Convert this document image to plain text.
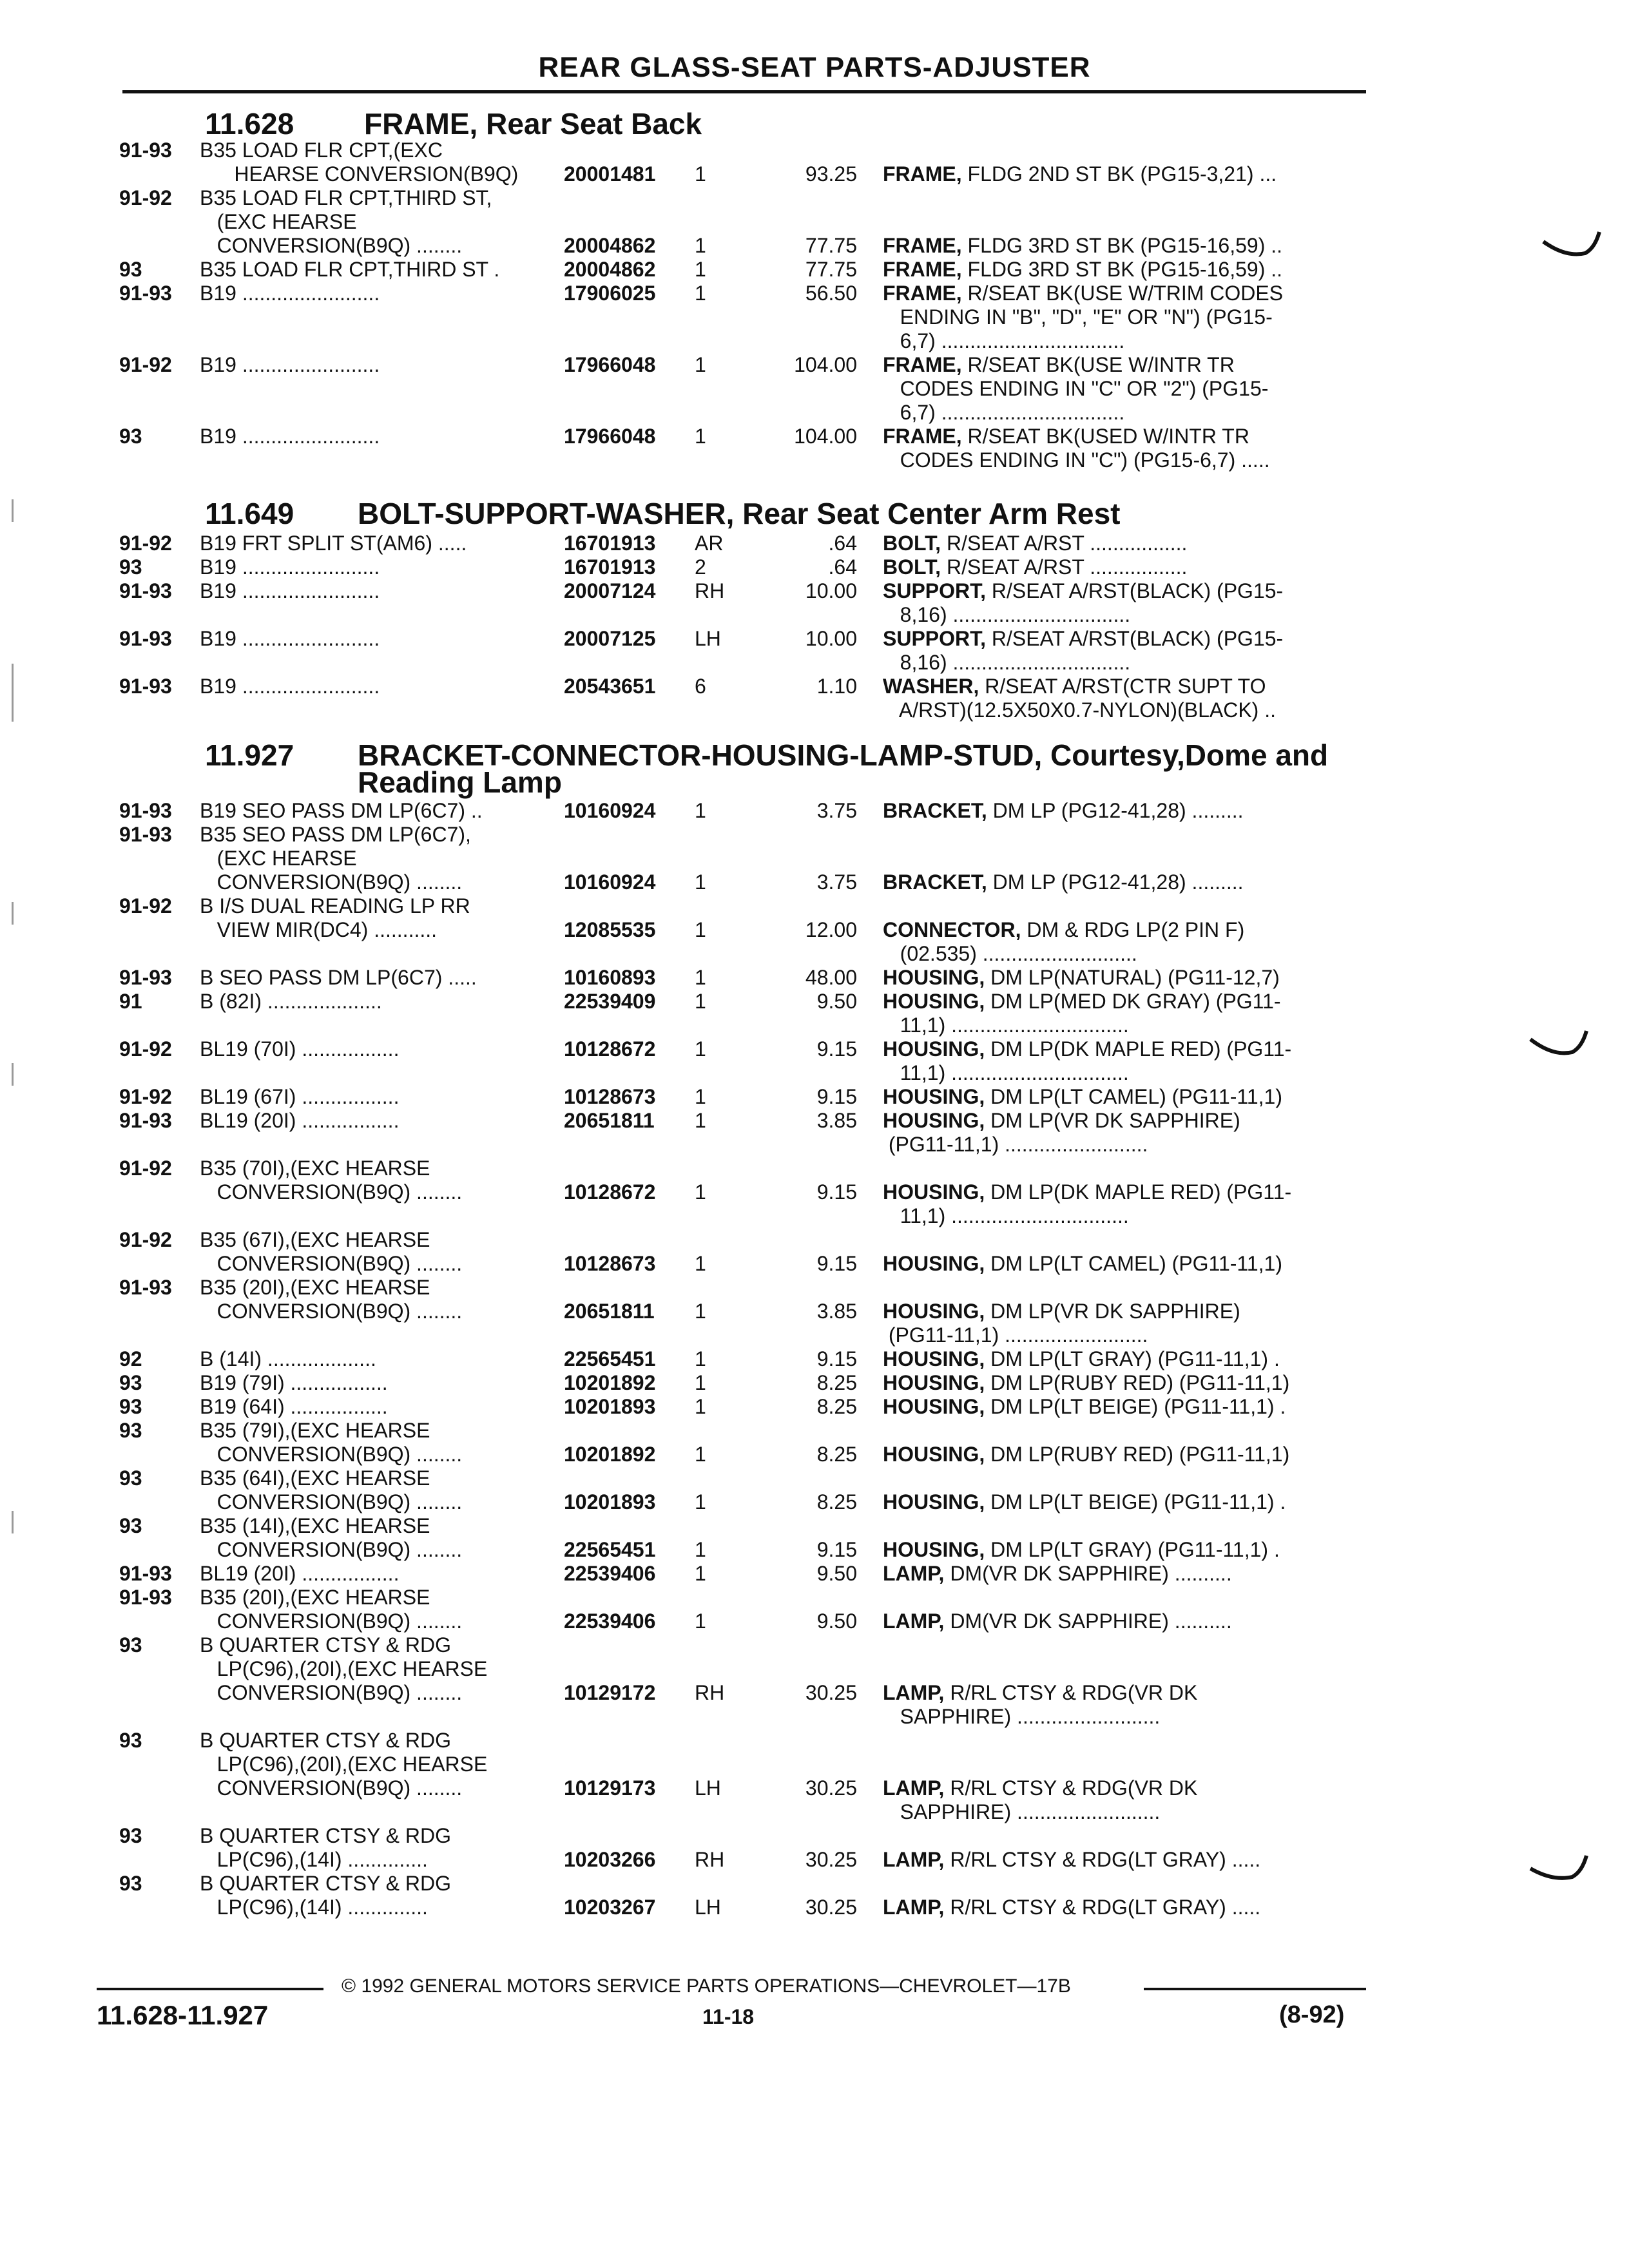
REAR GLASS-SEAT PARTS-ADJUSTER
11.628 FRAME, Rear Seat Back
91-93 B35 LOAD FLR CPT,(EXC
HEARSE CONVERSION(B9Q) 20001481 1	93.25 FRAME, FLDG 2ND ST BK (PG15-3,21) ...
91-92 B35 LOAD FLR CPT,THIRD ST,
(EXC HEARSE
CONVERSION(B9Q) ........	20004862 1	77.75 FRAME, FLDG 3RD ST BK (PG15-16,59) ..
93	B35 LOAD FLR CPT,THIRD ST .	20004862 1	77.75 FRAME, FLDG 3RD ST BK (PG15-16,59) ..
91-93 B19 ........................	17906025 1	56.50 FRAME, R/SEAT BK(USE W/TRIM CODES
ENDING IN "B", "D", "E" OR "N") (PG15-
6,7) ................................
91-92 B19 ........................	17966048 1	104.00 FRAME, R/SEAT BK(USE W/INTR TR
CODES ENDING IN "C" OR "2") (PG15-
6,7) ................................
93	B19 ........................	17966048 1	104.00 FRAME, R/SEAT BK(USED W/INTR TR
CODES ENDING IN "C") (PG15-6,7) .....
11.649 BOLT-SUPPORT-WASHER, Rear Seat Center Arm Rest
91-92 B19 FRT SPLIT ST(AM6) .....	16701913 AR	.64 BOLT, R/SEAT A/RST .................
93	B19 ........................	16701913 2	.64 BOLT, R/SEAT A/RST .................
91-93 B19 ........................	20007124 RH	10.00 SUPPORT, R/SEAT A/RST(BLACK) (PG15-
8,16) ...............................
91-93 B19 ........................	20007125 LH	10.00 SUPPORT, R/SEAT A/RST(BLACK) (PG15-
8,16) ...............................
91-93 B19 ........................	20543651 6	1.10 WASHER, R/SEAT A/RST(CTR SUPT TO
A/RST)(12.5X50X0.7-NYLON)(BLACK) ..
11.927 BRACKET-CONNECTOR-HOUSING-LAMP-STUD, Courtesy,Dome and
Reading Lamp
91-93 B19 SEO PASS DM LP(6C7) ..	10160924 1	3.75 BRACKET, DM LP (PG12-41,28) .........
91-93 B35 SEO PASS DM LP(6C7),
(EXC HEARSE
CONVERSION(B9Q) ........	10160924 1	3.75 BRACKET, DM LP (PG12-41,28) .........
91-92 B I/S DUAL READING LP RR
VIEW MIR(DC4) ...........	12085535 1	12.00 CONNECTOR, DM & RDG LP(2 PIN F)
(02.535) ...........................
91-93 B SEO PASS DM LP(6C7) .....	10160893 1	48.00 HOUSING, DM LP(NATURAL) (PG11-12,7)
91	B (82I) ....................	22539409 1	9.50 HOUSING, DM LP(MED DK GRAY) (PG11-
11,1) ...............................
91-92 BL19 (70I) .................	10128672 1	9.15 HOUSING, DM LP(DK MAPLE RED) (PG11-
11,1) ...............................
91-92 BL19 (67I) .................	10128673 1	9.15 HOUSING, DM LP(LT CAMEL) (PG11-11,1)
91-93 BL19 (20I) .................	20651811 1	3.85 HOUSING, DM LP(VR DK SAPPHIRE)
(PG11-11,1) .........................
91-92 B35 (70I),(EXC HEARSE
CONVERSION(B9Q) ........	10128672 1	9.15 HOUSING, DM LP(DK MAPLE RED) (PG11-
11,1) ...............................
91-92 B35 (67I),(EXC HEARSE
CONVERSION(B9Q) ........	10128673 1	9.15 HOUSING, DM LP(LT CAMEL) (PG11-11,1)
91-93 B35 (20I),(EXC HEARSE
CONVERSION(B9Q) ........	20651811 1	3.85 HOUSING, DM LP(VR DK SAPPHIRE)
(PG11-11,1) .........................
92	B (14I) ...................	22565451 1	9.15 HOUSING, DM LP(LT GRAY) (PG11-11,1) .
93	B19 (79I) .................	10201892 1	8.25 HOUSING, DM LP(RUBY RED) (PG11-11,1)
93	B19 (64I) .................	10201893 1	8.25 HOUSING, DM LP(LT BEIGE) (PG11-11,1) .
93	B35 (79I),(EXC HEARSE
CONVERSION(B9Q) ........	10201892 1	8.25 HOUSING, DM LP(RUBY RED) (PG11-11,1)
93	B35 (64I),(EXC HEARSE
CONVERSION(B9Q) ........	10201893 1	8.25 HOUSING, DM LP(LT BEIGE) (PG11-11,1) .
93	B35 (14I),(EXC HEARSE
CONVERSION(B9Q) ........	22565451 1	9.15 HOUSING, DM LP(LT GRAY) (PG11-11,1) .
91-93 BL19 (20I) .................	22539406 1	9.50 LAMP, DM(VR DK SAPPHIRE) ..........
91-93 B35 (20I),(EXC HEARSE
CONVERSION(B9Q) ........	22539406 1	9.50 LAMP, DM(VR DK SAPPHIRE) ..........
93	B QUARTER CTSY & RDG
LP(C96),(20I),(EXC HEARSE
CONVERSION(B9Q) ........	10129172 RH	30.25 LAMP, R/RL CTSY & RDG(VR DK
SAPPHIRE) .........................
93	B QUARTER CTSY & RDG
LP(C96),(20I),(EXC HEARSE
CONVERSION(B9Q) ........	10129173 LH	30.25 LAMP, R/RL CTSY & RDG(VR DK
SAPPHIRE) .........................
93	B QUARTER CTSY & RDG
LP(C96),(14I) ..............	10203266 RH	30.25 LAMP, R/RL CTSY & RDG(LT GRAY) .....
93	B QUARTER CTSY & RDG
LP(C96),(14I) ..............	10203267 LH	30.25 LAMP, R/RL CTSY & RDG(LT GRAY) .....
© 1992 GENERAL MOTORS SERVICE PARTS OPERATIONS—CHEVROLET—17B
11.628-11.927	11-18	(8-92)
